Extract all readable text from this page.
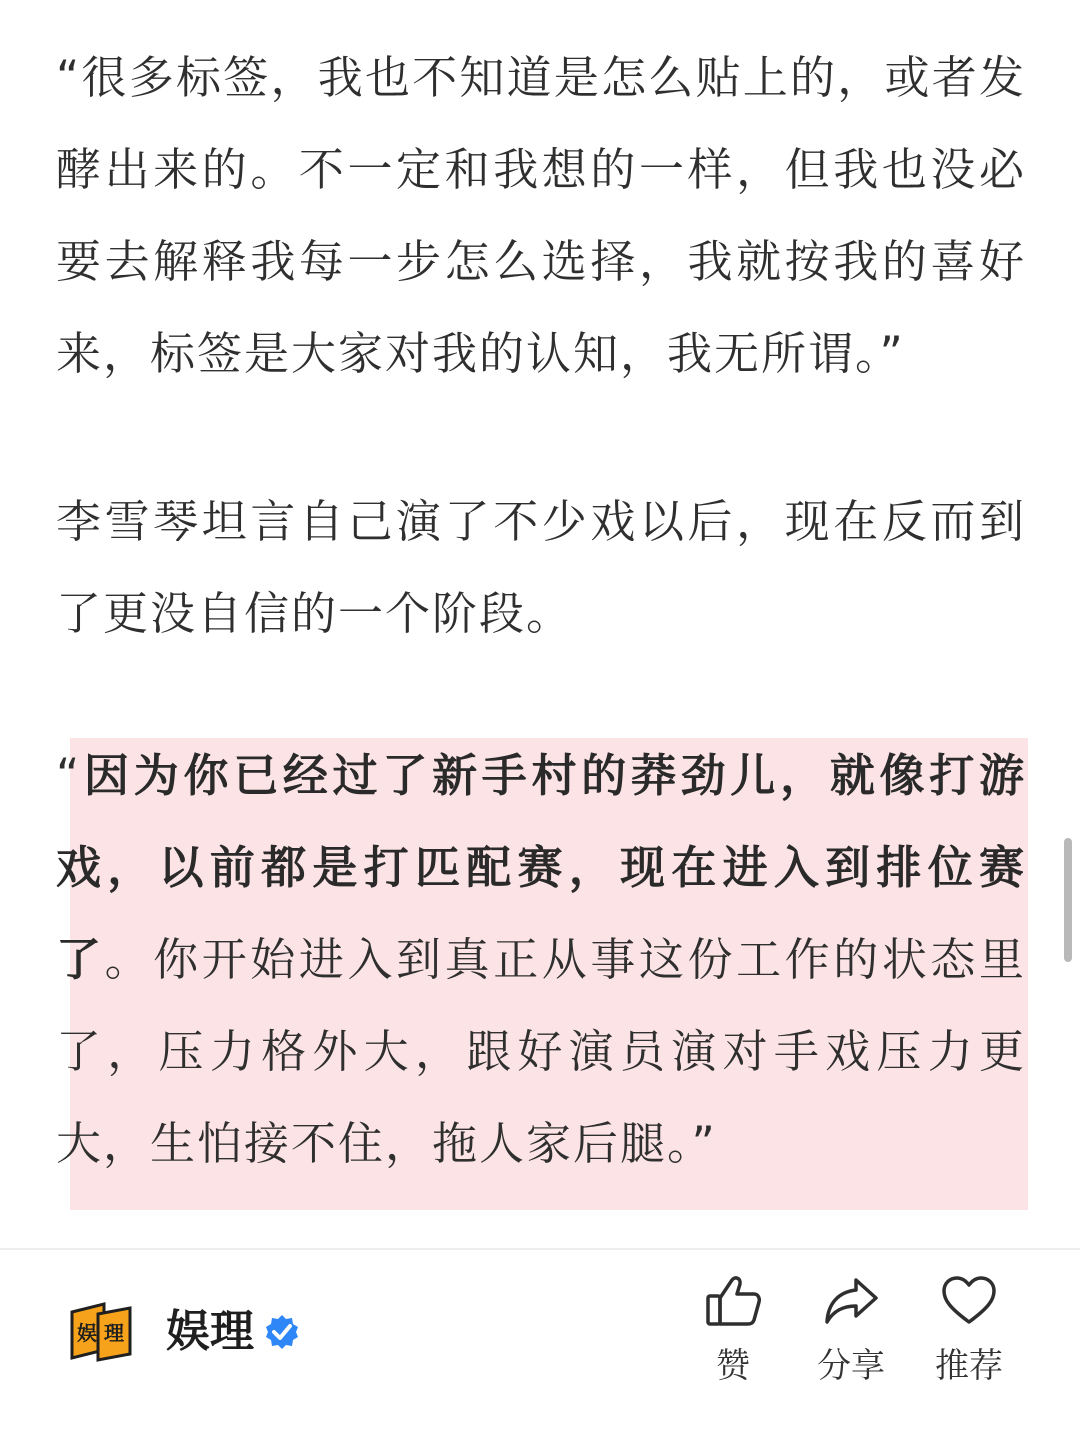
“很多标签，我也不知道是怎么贴上的，或者发酵出来的。不一定和我想的一样，但我也没必要去解释我每一步怎么选择，我就按我的喜好来，标签是大家对我的认知，我无所谓。”

李雪琴坦言自己演了不少戏以后，现在反而到了更没自信的一个阶段。

“因为你已经过了新手村的莽劲儿，就像打游戏，以前都是打匹配赛，现在进入到排位赛了。你开始进入到真正从事这份工作的状态里了，压力格外大，跟好演员演对手戏压力更大，生怕接不住，拖人家后腿。”

娱 理 娱理
赞	分享	推荐
